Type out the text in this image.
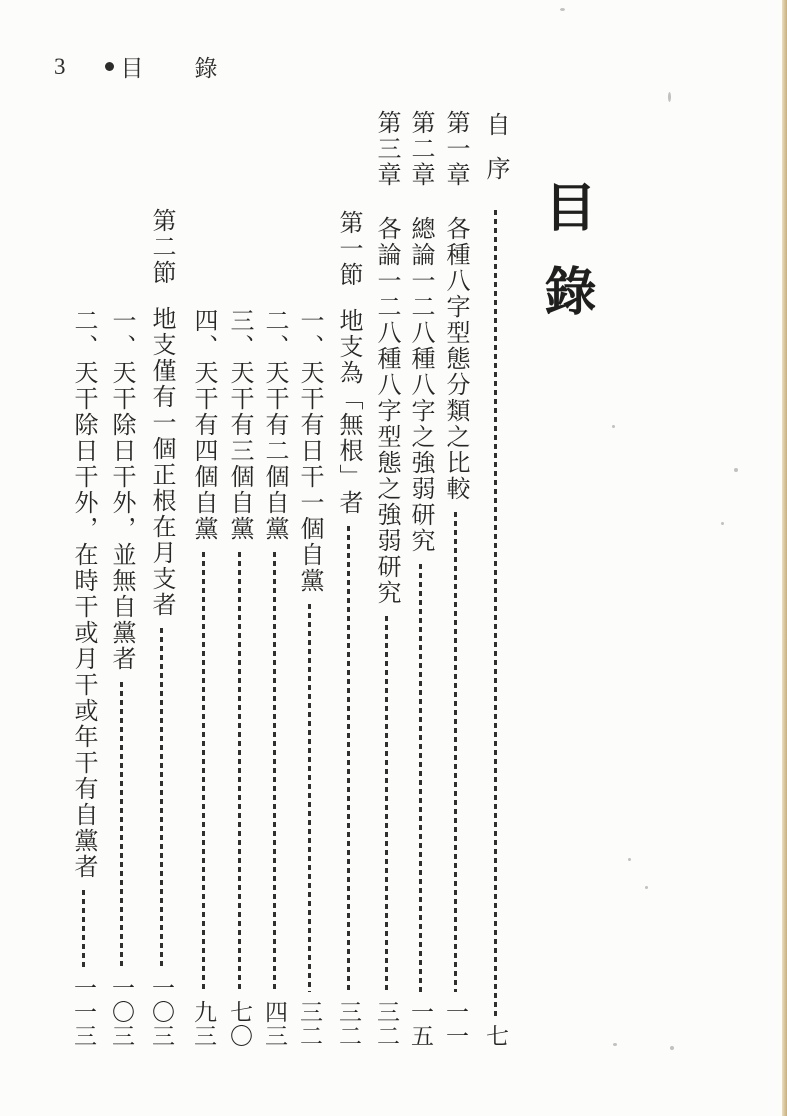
3 目 錄
目錄
自序
七
第一章
各種八字型態分類之比較
一一
第二章
總論一二八種八字之強弱研究
一五
第三章
各論一二八種八字型態之強弱研究
三二
第一節
地支為「無根」者
三二
一、天干有日干一個自黨
三二
二、天干有二個自黨
四三
三、天干有三個自黨
七〇
四、天干有四個自黨
九三
第二節
地支僅有一個正根在月支者
一〇三
一、天干除日干外，並無自黨者
一〇三
二、天干除日干外，在時干或月干或年干有自黨者
一一三
